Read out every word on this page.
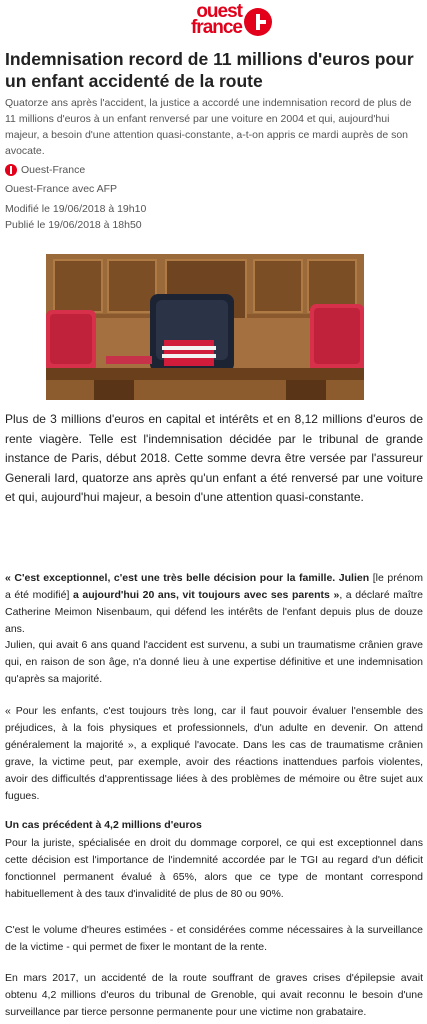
ouest
france
Indemnisation record de 11 millions d'euros pour un enfant accidenté de la route

Quatorze ans après l'accident, la justice a accordé une indemnisation record de plus de 11 millions d'euros à un enfant renversé par une voiture en 2004 et qui, aujourd'hui majeur, a besoin d'une attention quasi-constante, a-t-on appris ce mardi auprès de son avocate.

Ouest-France
Ouest-France avec AFP
Modifié le 19/06/2018 à 19h10
Publié le 19/06/2018 à 18h50

Plus de 3 millions d'euros en capital et intérêts et en 8,12 millions d'euros de rente viagère. Telle est l'indemnisation décidée par le tribunal de grande instance de Paris, début 2018. Cette somme devra être versée par l'assureur Generali Iard, quatorze ans après qu'un enfant a été renversé par une voiture et qui, aujourd'hui majeur, a besoin d'une attention quasi-constante.

« C'est exceptionnel, c'est une très belle décision pour la famille. Julien [le prénom a été modifié] a aujourd'hui 20 ans, vit toujours avec ses parents », a déclaré maître Catherine Meimon Nisenbaum, qui défend les intérêts de l'enfant depuis plus de douze ans.

Julien, qui avait 6 ans quand l'accident est survenu, a subi un traumatisme crânien grave qui, en raison de son âge, n'a donné lieu à une expertise définitive et une indemnisation qu'après sa majorité.

« Pour les enfants, c'est toujours très long, car il faut pouvoir évaluer l'ensemble des préjudices, à la fois physiques et professionnels, d'un adulte en devenir. On attend généralement la majorité », a expliqué l'avocate. Dans les cas de traumatisme crânien grave, la victime peut, par exemple, avoir des réactions inattendues parfois violentes, avoir des difficultés d'apprentissage liées à des problèmes de mémoire ou être sujet aux fugues.

Un cas précédent à 4,2 millions d'euros

Pour la juriste, spécialisée en droit du dommage corporel, ce qui est exceptionnel dans cette décision est l'importance de l'indemnité accordée par le TGI au regard d'un déficit fonctionnel permanent évalué à 65%, alors que ce type de montant correspond habituellement à des taux d'invalidité de plus de 80 ou 90%.

C'est le volume d'heures estimées - et considérées comme nécessaires à la surveillance de la victime - qui permet de fixer le montant de la rente.

En mars 2017, un accidenté de la route souffrant de graves crises d'épilepsie avait obtenu 4,2 millions d'euros du tribunal de Grenoble, qui avait reconnu le besoin d'une surveillance par tierce personne permanente pour une victime non grabataire.
